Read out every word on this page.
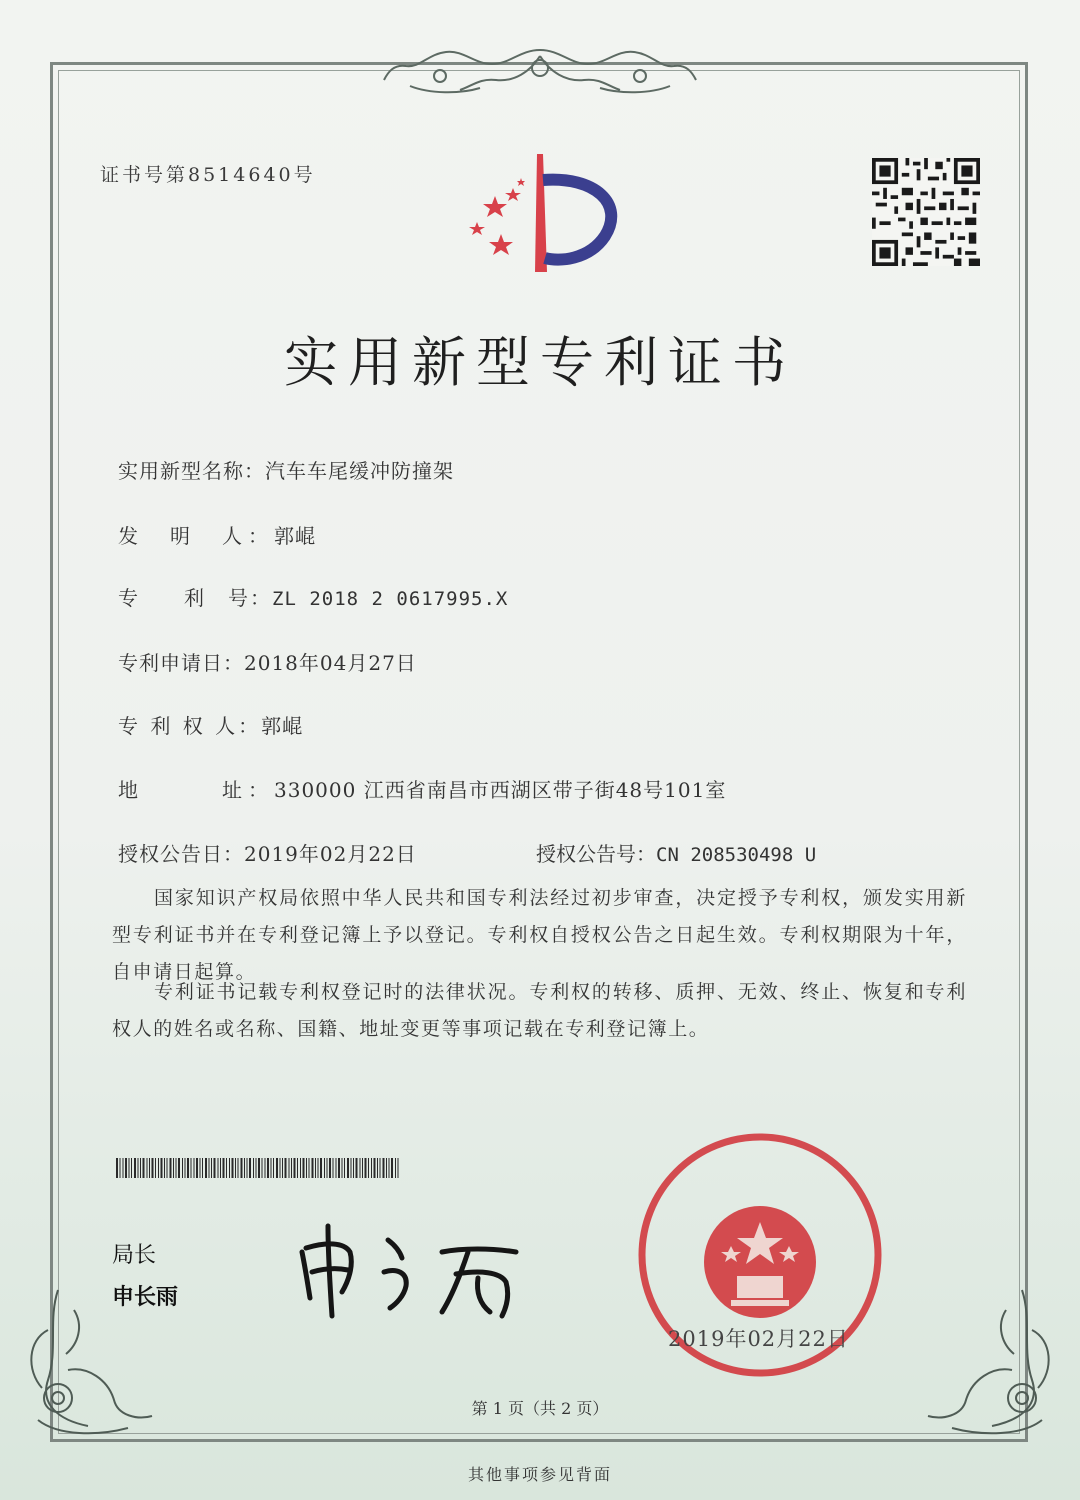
证书号第8514640号
实用新型专利证书
实用新型名称：汽车车尾缓冲防撞架
发　明　人：郭崐
专　　利　号：ZL 2018 2 0617995.X
专利申请日：2018年04月27日
专 利 权 人：郭崐
地　　　址：330000 江西省南昌市西湖区带子街48号101室
授权公告日：2019年02月22日	授权公告号：CN 208530498 U
国家知识产权局依照中华人民共和国专利法经过初步审查，决定授予专利权，颁发实用新型专利证书并在专利登记簿上予以登记。专利权自授权公告之日起生效。专利权期限为十年，自申请日起算。
专利证书记载专利权登记时的法律状况。专利权的转移、质押、无效、终止、恢复和专利权人的姓名或名称、国籍、地址变更等事项记载在专利登记簿上。
局长
申长雨
2019年02月22日
第 1 页（共 2 页）
其他事项参见背面
